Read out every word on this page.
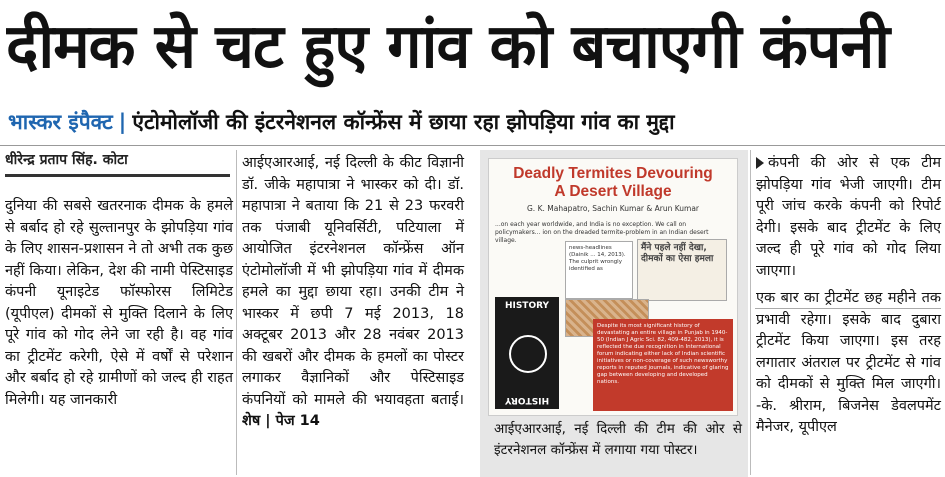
दीमक से चट हुए गांव को बचाएगी कंपनी
भास्कर इंपैक्ट | एंटोमोलॉजी की इंटरनेशनल कॉन्फ्रेंस में छाया रहा झोपड़िया गांव का मुद्दा
धीरेन्द्र प्रताप सिंह. कोटा

दुनिया की सबसे खतरनाक दीमक के हमले से बर्बाद हो रहे सुल्तानपुर के झोपड़िया गांव के लिए शासन-प्रशासन ने तो अभी तक कुछ नहीं किया। लेकिन, देश की नामी पेस्टिसाइड कंपनी यूनाइटेड फॉस्फोरस लिमिटेड (यूपीएल) दीमकों से मुक्ति दिलाने के लिए पूरे गांव को गोद लेने जा रही है। वह गांव का ट्रीटमेंट करेगी, ऐसे में वर्षों से परेशान और बर्बाद हो रहे ग्रामीणों को जल्द ही राहत मिलेगी। यह जानकारी

आईएआरआई, नई दिल्ली के कीट विज्ञानी डॉ. जीके महापात्रा ने भास्कर को दी। डॉ. महापात्रा ने बताया कि 21 से 23 फरवरी तक पंजाबी यूनिवर्सिटी, पटियाला में आयोजित इंटरनेशनल कॉन्फ्रेंस ऑन एंटोमोलॉजी में भी झोपड़िया गांव में दीमक हमले का मुद्दा छाया रहा। उनकी टीम ने भास्कर में छपी 7 मई 2013, 18 अक्टूबर 2013 और 28 नवंबर 2013 की खबरों और दीमक के हमलों का पोस्टर लगाकर वैज्ञानिकों और पेस्टिसाइड कंपनियों को मामले की भयावहता बताई। शेष | पेज 14

Deadly Termites Devouring
A Desert Village
G. K. Mahapatro, Sachin Kumar & Arun Kumar
...on each year worldwide, and India is no exception. We call on policymakers... ion on the dreaded termite-problem in an Indian desert village.
news-headlines (Dainik ... 14, 2013). The culprit wrongly identified as
मैंने पहले नहीं देखा, दीमकों का ऐसा हमला
HISTORY
HISTORY
Despite its most significant history of devastating an entire village in Punjab in 1940-50 (Indian J Agric Sci. 82, 409-482, 2013), it is reflected the due recognition in International forum indicating either lack of Indian scientific initiatives or non-coverage of such newsworthy reports in reputed journals, indicative of glaring gap between developing and developed nations.
आईएआरआई, नई दिल्ली की टीम की ओर से इंटरनेशनल कॉन्फ्रेंस में लगाया गया पोस्टर।

कंपनी की ओर से एक टीम झोपड़िया गांव भेजी जाएगी। टीम पूरी जांच करके कंपनी को रिपोर्ट देगी। इसके बाद ट्रीटमेंट के लिए जल्द ही पूरे गांव को गोद लिया जाएगा।

एक बार का ट्रीटमेंट छह महीने तक प्रभावी रहेगा। इसके बाद दुबारा ट्रीटमेंट किया जाएगा। इस तरह लगातार अंतराल पर ट्रीटमेंट से गांव को दीमकों से मुक्ति मिल जाएगी। -के. श्रीराम, बिजनेस डेवलपमेंट मैनेजर, यूपीएल
